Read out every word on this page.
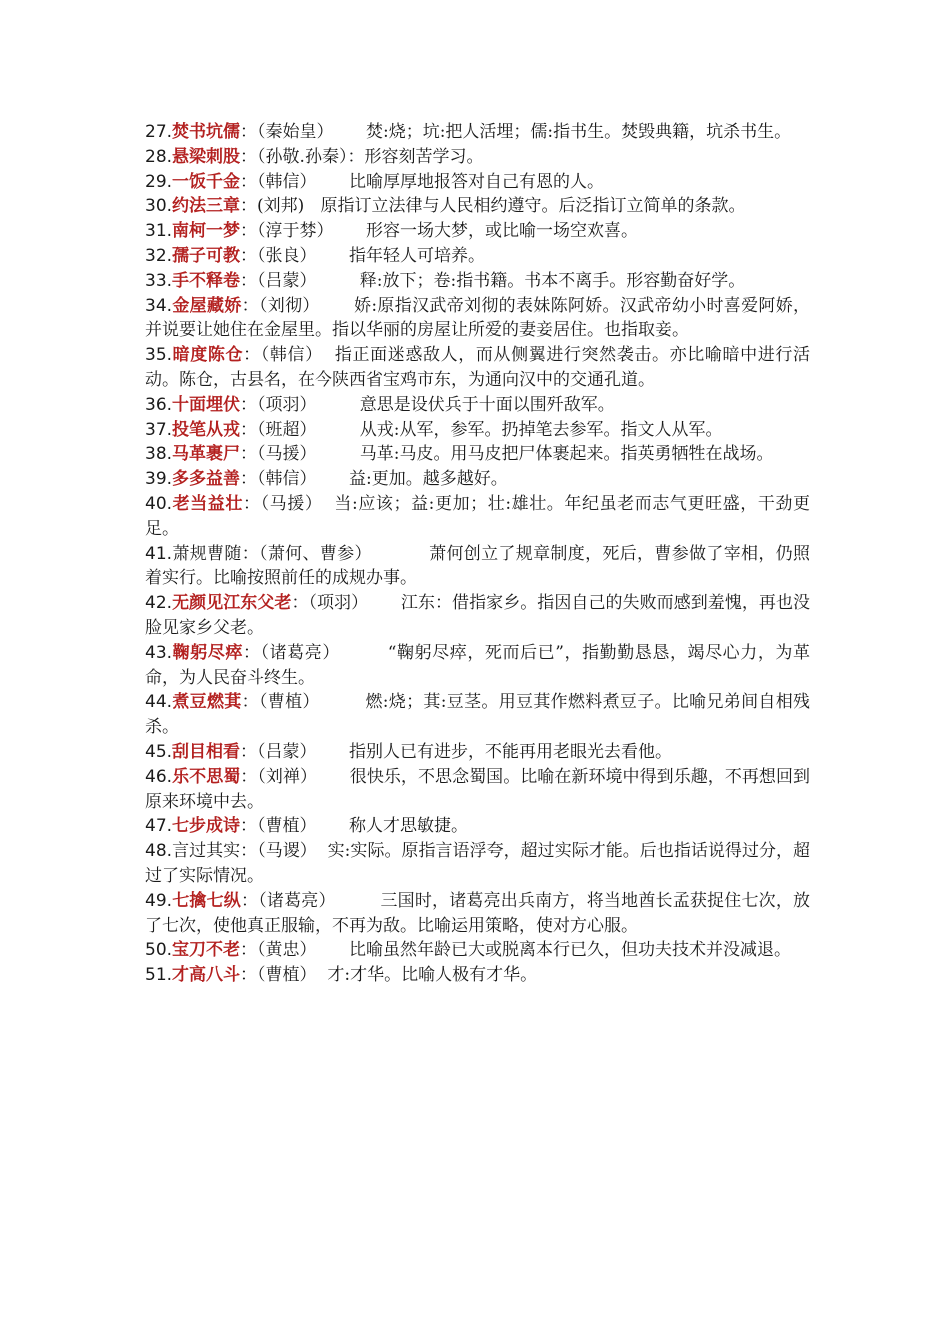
27.焚书坑儒：（秦始皇）      焚:烧；坑:把人活埋；儒:指书生。焚毁典籍，坑杀书生。

28.悬梁刺股：（孙敬.孙秦）：形容刻苦学习。

29.一饭千金：（韩信）      比喻厚厚地报答对自己有恩的人。

30.约法三章：(刘邦)   原指订立法律与人民相约遵守。后泛指订立简单的条款。

31.南柯一梦：（淳于棼）      形容一场大梦，或比喻一场空欢喜。

32.孺子可教：（张良）      指年轻人可培养。

33.手不释卷：（吕蒙）        释:放下；卷:指书籍。书本不离手。形容勤奋好学。

34.金屋藏娇：（刘彻）      娇:原指汉武帝刘彻的表妹陈阿娇。汉武帝幼小时喜爱阿娇，并说要让她住在金屋里。指以华丽的房屋让所爱的妻妾居住。也指取妾。

35.暗度陈仓：（韩信）  指正面迷惑敌人，而从侧翼进行突然袭击。亦比喻暗中进行活动。陈仓，古县名，在今陕西省宝鸡市东，为通向汉中的交通孔道。

36.十面埋伏：（项羽）        意思是设伏兵于十面以围歼敌军。

37.投笔从戎：（班超）        从戎:从军，参军。扔掉笔去参军。指文人从军。

38.马革裹尸：（马援）        马革:马皮。用马皮把尸体裹起来。指英勇牺牲在战场。

39.多多益善：（韩信）      益:更加。越多越好。

40.老当益壮：（马援）  当:应该；益:更加；壮:雄壮。年纪虽老而志气更旺盛，干劲更足。

41.萧规曹随：（萧何、曹参）          萧何创立了规章制度，死后，曹参做了宰相，仍照着实行。比喻按照前任的成规办事。

42.无颜见江东父老：（项羽）      江东：借指家乡。指因自己的失败而感到羞愧，再也没脸见家乡父老。

43.鞠躬尽瘁：（诸葛亮）        “鞠躬尽瘁，死而后已”，指勤勤恳恳，竭尽心力，为革命，为人民奋斗终生。

44.煮豆燃萁：（曹植）        燃:烧；萁:豆茎。用豆萁作燃料煮豆子。比喻兄弟间自相残杀。

45.刮目相看：（吕蒙）      指别人已有进步，不能再用老眼光去看他。

46.乐不思蜀：（刘禅）      很快乐，不思念蜀国。比喻在新环境中得到乐趣，不再想回到原来环境中去。

47.七步成诗：（曹植）      称人才思敏捷。

48.言过其实：（马谡）  实:实际。原指言语浮夸，超过实际才能。后也指话说得过分，超过了实际情况。

49.七擒七纵：（诸葛亮）        三国时，诸葛亮出兵南方，将当地酋长孟获捉住七次，放了七次，使他真正服输，不再为敌。比喻运用策略，使对方心服。

50.宝刀不老：（黄忠）      比喻虽然年龄已大或脱离本行已久，但功夫技术并没减退。

51.才高八斗：（曹植）  才:才华。比喻人极有才华。
